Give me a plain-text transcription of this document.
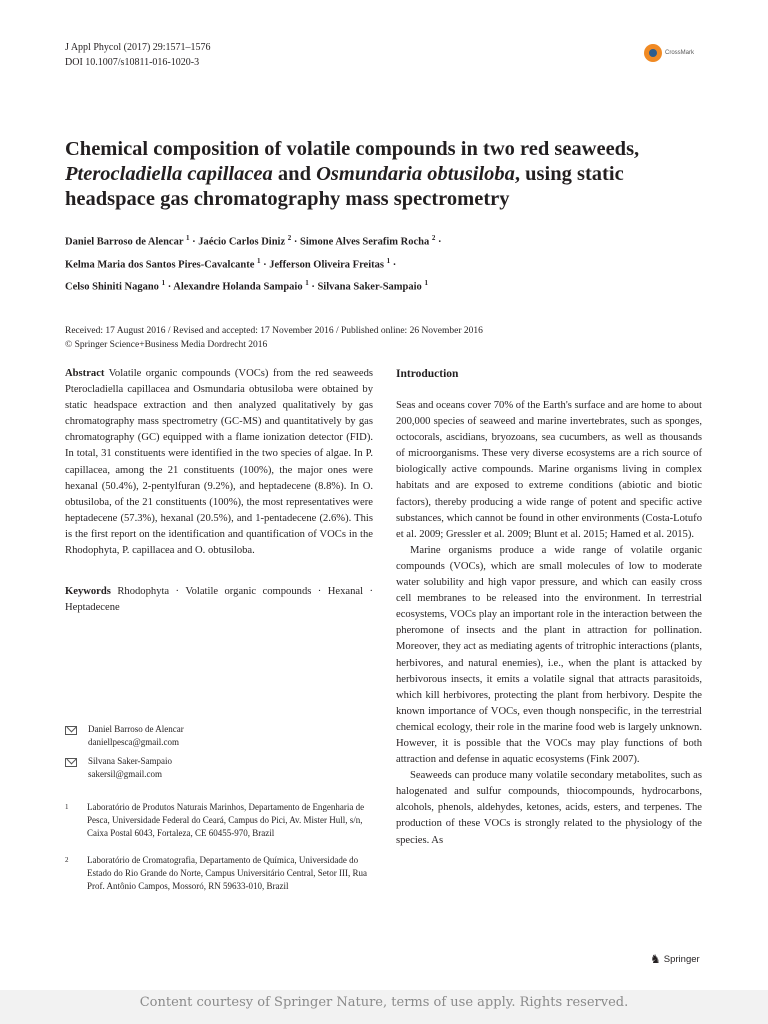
J Appl Phycol (2017) 29:1571–1576
DOI 10.1007/s10811-016-1020-3
CrossMark
Chemical composition of volatile compounds in two red seaweeds, Pterocladiella capillacea and Osmundaria obtusiloba, using static headspace gas chromatography mass spectrometry
Daniel Barroso de Alencar $^1$ · Jaécio Carlos Diniz $^2$ · Simone Alves Serafim Rocha $^2$ ·
Kelma Maria dos Santos Pires-Cavalcante $^1$ · Jefferson Oliveira Freitas $^1$ ·
Celso Shiniti Nagano $^1$ · Alexandre Holanda Sampaio $^1$ · Silvana Saker-Sampaio $^1$
Received: 17 August 2016 / Revised and accepted: 17 November 2016 / Published online: 26 November 2016
© Springer Science+Business Media Dordrecht 2016

Abstract Volatile organic compounds (VOCs) from the red seaweeds Pterocladiella capillacea and Osmundaria obtusiloba were obtained by static headspace extraction and then analyzed qualitatively by gas chromatography mass spectrometry (GC-MS) and quantitatively by gas chromatography (GC) equipped with a flame ionization detector (FID). In total, 31 constituents were identified in the two species of algae. In P. capillacea, among the 21 constituents (100%), the major ones were hexanal (50.4%), 2-pentylfuran (9.2%), and heptadecene (8.8%). In O. obtusiloba, of the 21 constituents (100%), the most representatives were heptadecene (57.3%), hexanal (20.5%), and 1-pentadecene (2.6%). This is the first report on the identification and quantification of VOCs in the Rhodophyta, P. capillacea and O. obtusiloba.

Keywords Rhodophyta · Volatile organic compounds · Hexanal · Heptadecene

Daniel Barroso de Alencar
daniellpesca@gmail.com
Silvana Saker-Sampaio
sakersil@gmail.com
1	Laboratório de Produtos Naturais Marinhos, Departamento de Engenharia de Pesca, Universidade Federal do Ceará, Campus do Pici, Av. Mister Hull, s/n, Caixa Postal 6043, Fortaleza, CE 60455-970, Brazil
2	Laboratório de Cromatografia, Departamento de Química, Universidade do Estado do Rio Grande do Norte, Campus Universitário Central, Setor III, Rua Prof. Antônio Campos, Mossoró, RN 59633-010, Brazil
Introduction

Seas and oceans cover 70% of the Earth's surface and are home to about 200,000 species of seaweed and marine invertebrates, such as sponges, octocorals, ascidians, bryozoans, sea cucumbers, as well as thousands of microorganisms. These very diverse ecosystems are a rich source of biologically active compounds. Marine organisms living in complex habitats and are exposed to extreme conditions (abiotic and biotic factors), thereby producing a wide range of potent and specific active substances, which cannot be found in other environments (Costa-Lotufo et al. 2009; Gressler et al. 2009; Blunt et al. 2015; Hamed et al. 2015).

Marine organisms produce a wide range of volatile organic compounds (VOCs), which are small molecules of low to moderate water solubility and high vapor pressure, and which can easily cross cell membranes to be released into the environment. In terrestrial ecosystems, VOCs play an important role in the interaction between the pheromone of insects and the plant in attraction for pollination. Moreover, they act as mediating agents of tritrophic interactions (plants, herbivores, and natural enemies), i.e., when the plant is attacked by herbivorous insects, it emits a volatile signal that attracts parasitoids, which kill herbivores, protecting the plant from herbivory. Despite the known importance of VOCs, even though nonspecific, in the terrestrial chemical ecology, their role in the marine food web is largely unknown. However, it is possible that the VOCs may play functions of both attraction and defense in aquatic ecosystems (Fink 2007).

Seaweeds can produce many volatile secondary metabolites, such as halogenated and sulfur compounds, thiocompounds, hydrocarbons, alcohols, phenols, aldehydes, ketones, acids, esters, and terpenes. The production of these VOCs is strongly related to the physiology of the species. As

♞ Springer
Content courtesy of Springer Nature, terms of use apply. Rights reserved.
